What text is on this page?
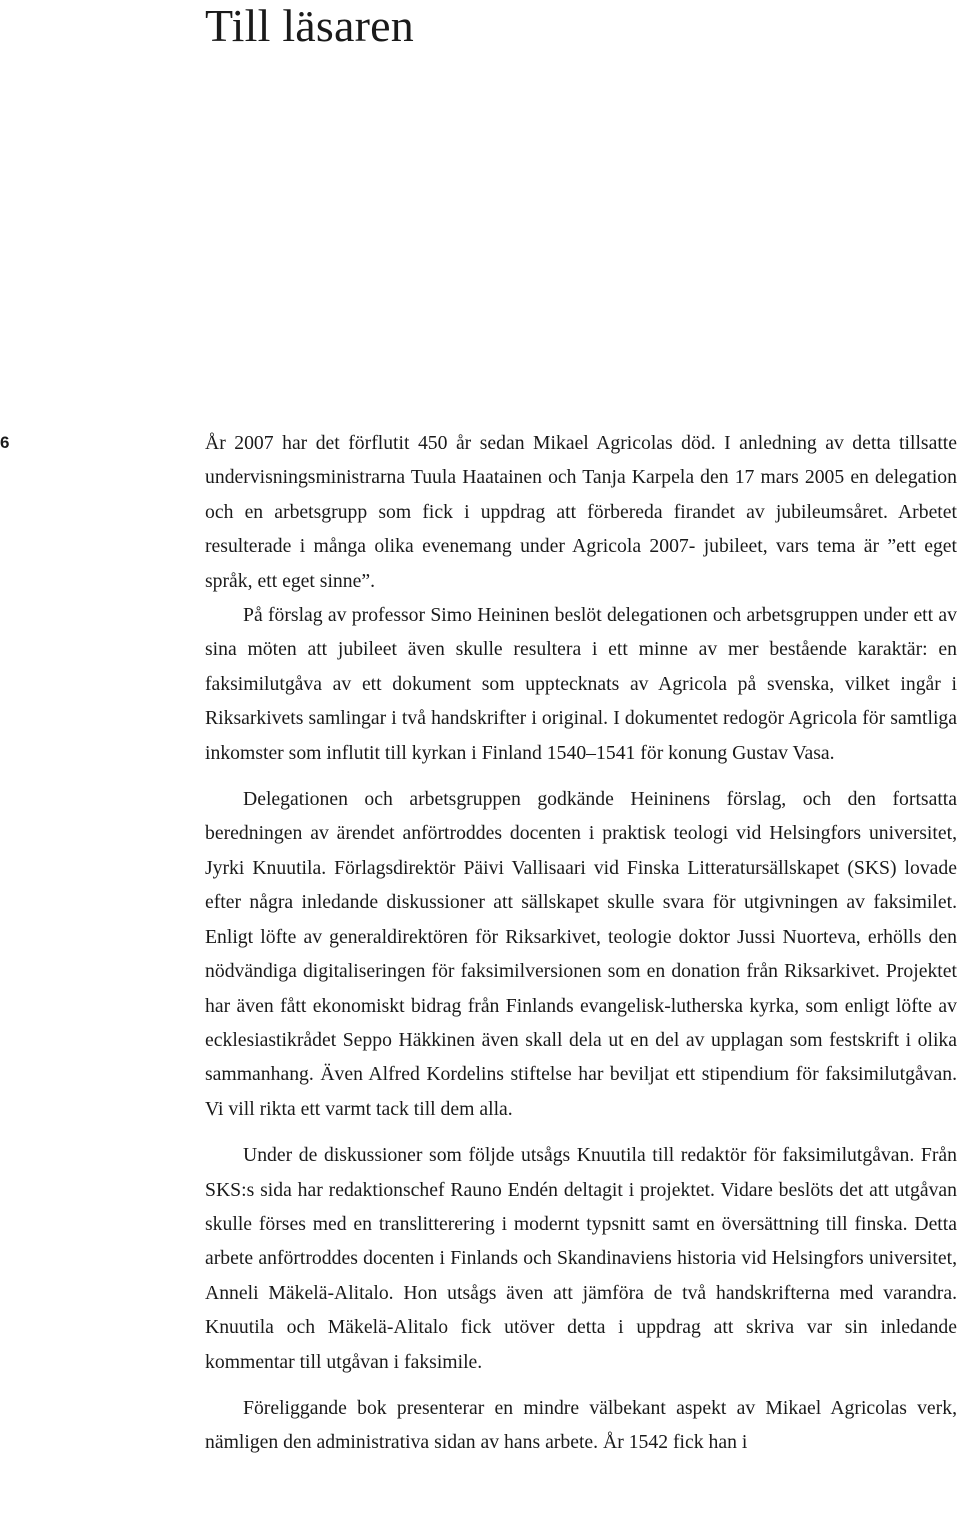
Till läsaren
6	År 2007 har det förflutit 450 år sedan Mikael Agricolas död. I anledning av detta tillsatte undervisningsministrarna Tuula Haatainen och Tanja Karpela den 17 mars 2005 en delegation och en arbetsgrupp som fick i uppdrag att förbereda firandet av jubileumsåret. Arbetet resulterade i många olika evenemang under Agricola 2007- jubileet, vars tema är ”ett eget språk, ett eget sinne”.

På förslag av professor Simo Heininen beslöt delegationen och arbetsgruppen under ett av sina möten att jubileet även skulle resultera i ett minne av mer bestående karaktär: en faksimilutgåva av ett dokument som upptecknats av Agricola på svenska, vilket ingår i Riksarkivets samlingar i två handskrifter i original. I dokumentet redogör Agricola för samtliga inkomster som influtit till kyrkan i Finland 1540–1541 för konung Gustav Vasa.

Delegationen och arbetsgruppen godkände Heininens förslag, och den fortsatta beredningen av ärendet anförtroddes docenten i praktisk teologi vid Helsingfors universitet, Jyrki Knuutila. Förlagsdirektör Päivi Vallisaari vid Finska Litteratursällskapet (SKS) lovade efter några inledande diskussioner att sällskapet skulle svara för utgivningen av faksimilet. Enligt löfte av generaldirektören för Riksarkivet, teologie doktor Jussi Nuorteva, erhölls den nödvändiga digitaliseringen för faksimilversionen som en donation från Riksarkivet. Projektet har även fått ekonomiskt bidrag från Finlands evangelisk-lutherska kyrka, som enligt löfte av ecklesiastikrådet Seppo Häkkinen även skall dela ut en del av upplagan som festskrift i olika sammanhang. Även Alfred Kordelins stiftelse har beviljat ett stipendium för faksimilutgåvan. Vi vill rikta ett varmt tack till dem alla.

Under de diskussioner som följde utsågs Knuutila till redaktör för faksimilutgåvan. Från SKS:s sida har redaktionschef Rauno Endén deltagit i projektet. Vidare beslöts det att utgåvan skulle förses med en translitterering i modernt typsnitt samt en översättning till finska. Detta arbete anförtroddes docenten i Finlands och Skandinaviens historia vid Helsingfors universitet, Anneli Mäkelä-Alitalo. Hon utsågs även att jämföra de två handskrifterna med varandra. Knuutila och Mäkelä-Alitalo fick utöver detta i uppdrag att skriva var sin inledande kommentar till utgåvan i faksimile.

Föreliggande bok presenterar en mindre välbekant aspekt av Mikael Agricolas verk, nämligen den administrativa sidan av hans arbete. År 1542 fick han i
